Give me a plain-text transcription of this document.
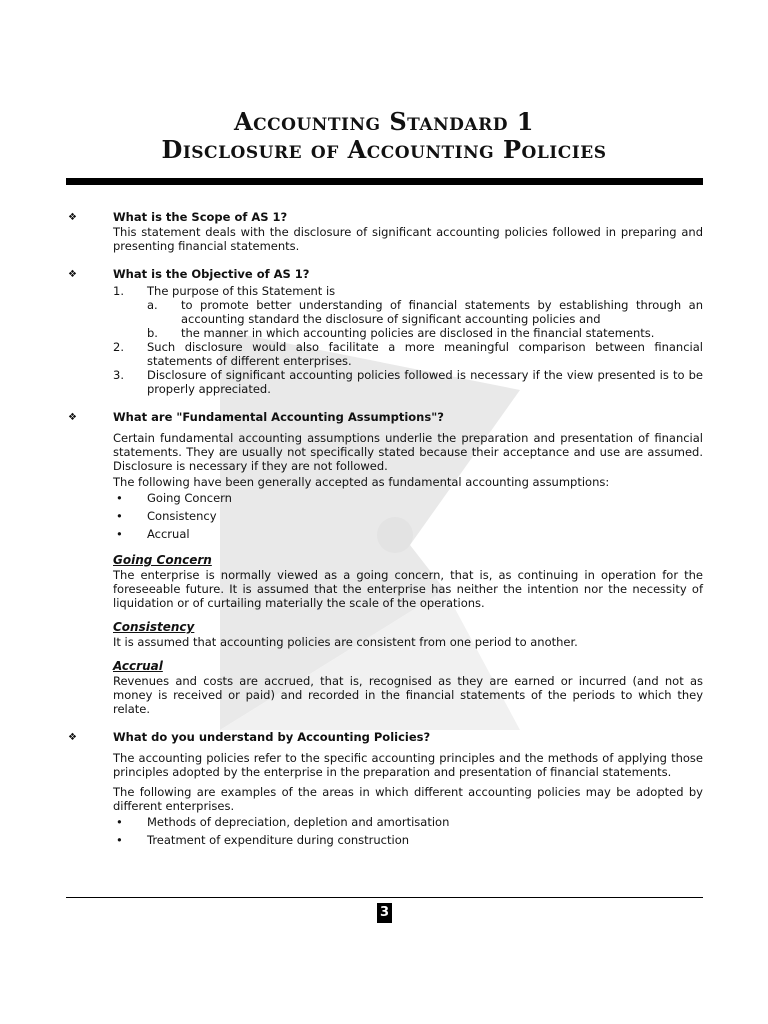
Accounting Standard 1
Disclosure of Accounting Policies
❖	What is the Scope of AS 1?
This statement deals with the disclosure of significant accounting policies followed in preparing and presenting financial statements.
❖	What is the Objective of AS 1?
1. The purpose of this Statement is
a. to promote better understanding of financial statements by establishing through an accounting standard the disclosure of significant accounting policies and
b. the manner in which accounting policies are disclosed in the financial statements.
2. Such disclosure would also facilitate a more meaningful comparison between financial statements of different enterprises.
3. Disclosure of significant accounting policies followed is necessary if the view presented is to be properly appreciated.
❖	What are "Fundamental Accounting Assumptions"?
Certain fundamental accounting assumptions underlie the preparation and presentation of financial statements. They are usually not specifically stated because their acceptance and use are assumed. Disclosure is necessary if they are not followed.
The following have been generally accepted as fundamental accounting assumptions:
• Going Concern
• Consistency
• Accrual
Going Concern
The enterprise is normally viewed as a going concern, that is, as continuing in operation for the foreseeable future. It is assumed that the enterprise has neither the intention nor the necessity of liquidation or of curtailing materially the scale of the operations.
Consistency
It is assumed that accounting policies are consistent from one period to another.
Accrual
Revenues and costs are accrued, that is, recognised as they are earned or incurred (and not as money is received or paid) and recorded in the financial statements of the periods to which they relate.
❖	What do you understand by Accounting Policies?
The accounting policies refer to the specific accounting principles and the methods of applying those principles adopted by the enterprise in the preparation and presentation of financial statements.
The following are examples of the areas in which different accounting policies may be adopted by different enterprises.
• Methods of depreciation, depletion and amortisation
• Treatment of expenditure during construction
3
